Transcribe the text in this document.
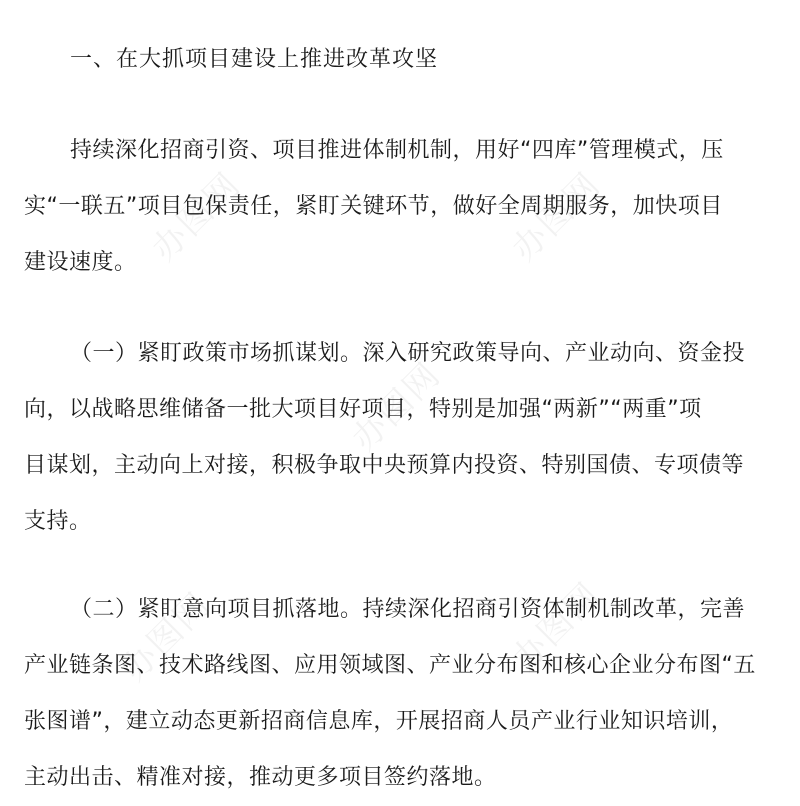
办图网	办图网
办图网
办图网	办图网
一、在大抓项目建设上推进改革攻坚

持续深化招商引资、项目推进体制机制，用好“四库”管理模式，压
实“一联五”项目包保责任，紧盯关键环节，做好全周期服务，加快项目
建设速度。

（一）紧盯政策市场抓谋划。深入研究政策导向、产业动向、资金投
向，以战略思维储备一批大项目好项目，特别是加强“两新”“两重”项
目谋划，主动向上对接，积极争取中央预算内投资、特别国债、专项债等
支持。

（二）紧盯意向项目抓落地。持续深化招商引资体制机制改革，完善
产业链条图、技术路线图、应用领域图、产业分布图和核心企业分布图“五
张图谱”，建立动态更新招商信息库，开展招商人员产业行业知识培训，
主动出击、精准对接，推动更多项目签约落地。
